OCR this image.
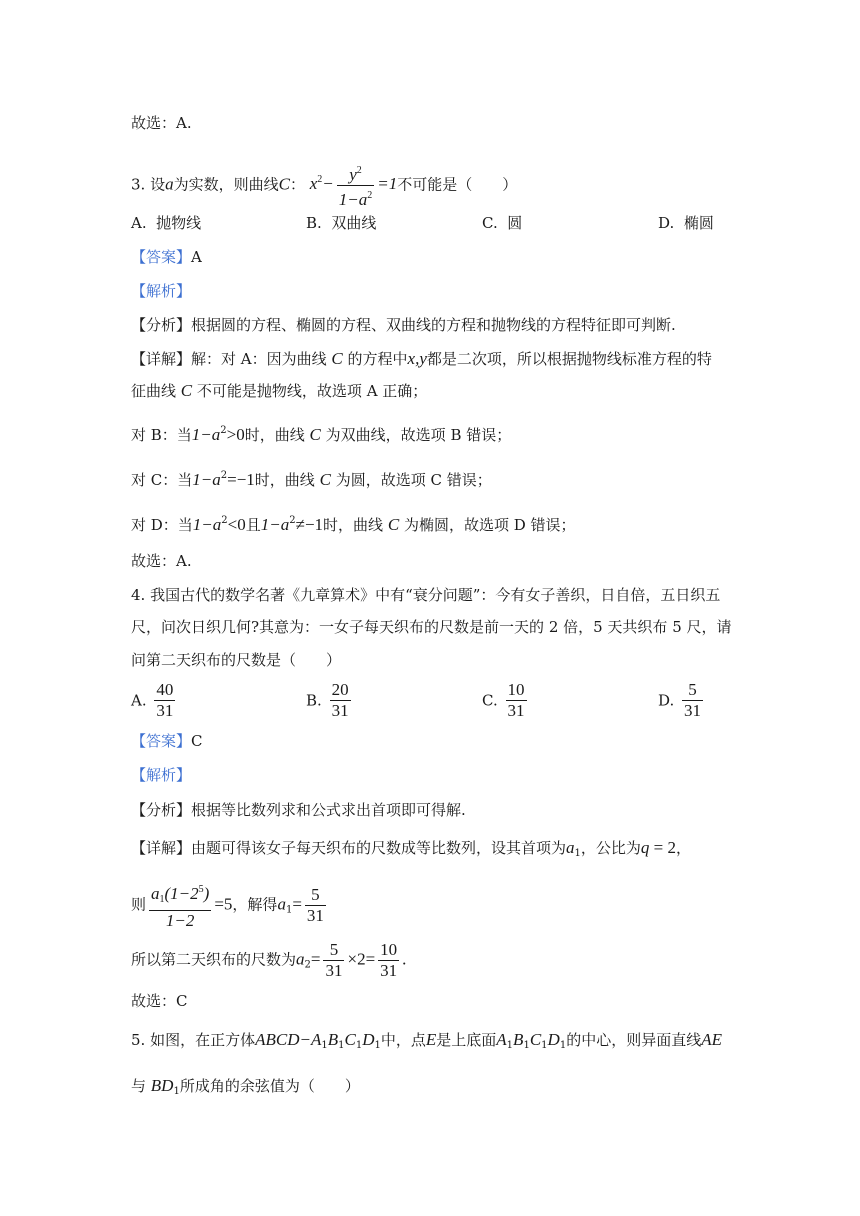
故选：A.
3. 设a为实数，则曲线C： $x^2- \frac{y^2}{1-a^2} =1$不可能是（　　）
A. 抛物线	B. 双曲线	C. 圆	D. 椭圆
【答案】A
【解析】
【分析】根据圆的方程、椭圆的方程、双曲线的方程和抛物线的方程特征即可判断.
【详解】解：对 A：因为曲线 C 的方程中x,y都是二次项，所以根据抛物线标准方程的特
征曲线 C 不可能是抛物线，故选项 A 正确；
对 B：当$1-a^2>0$时，曲线 C 为双曲线，故选项 B 错误；
对 C：当$1-a^2=-1$时，曲线 C 为圆，故选项 C 错误；
对 D：当$1-a^2<0$且$1-a^2\ne-1$时，曲线 C 为椭圆，故选项 D 错误；
故选：A.
4. 我国古代的数学名著《九章算术》中有“衰分问题”：今有女子善织，日自倍，五日织五
尺，问次日织几何?其意为：一女子每天织布的尺数是前一天的 2 倍，5 天共织布 5 尺，请
问第二天织布的尺数是（　　）
A. $\frac{40}{31}$	B. $\frac{20}{31}$	C. $\frac{10}{31}$	D. $\frac{5}{31}$
【答案】C
【解析】
【分析】根据等比数列求和公式求出首项即可得解.
【详解】由题可得该女子每天织布的尺数成等比数列，设其首项为$a_1$，公比为q = 2，
则 $\frac{a_1(1-2^5)}{1-2} =5$，解得$a_1= \frac{5}{31}$
所以第二天织布的尺数为$a_2= \frac{5}{31} \times 2= \frac{10}{31}$ .
故选：C
5. 如图，在正方体$ABCD-A_1B_1C_1D_1$中，点E是上底面$A_1B_1C_1D_1$的中心，则异面直线AE
与 $BD_1$所成角的余弦值为（　　）
